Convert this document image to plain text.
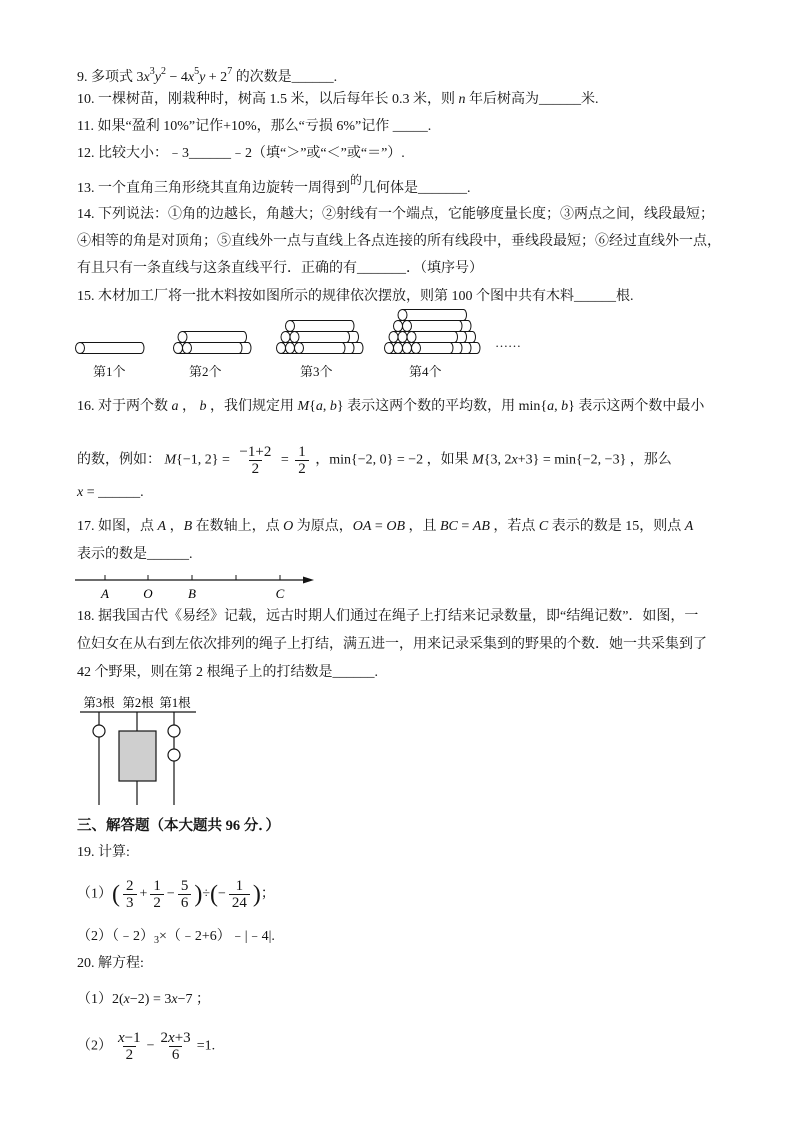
9. 多项式 $3x^3y^2 - 4x^5y + 2^7$ 的次数是______.
10. 一棵树苗，刚栽种时，树高 1.5 米，以后每年长 0.3 米，则 n 年后树高为______米.
11. 如果“盈利 10%”记作+10%，那么“亏损 6%”记作 _____.
12. 比较大小：﹣3______﹣2（填“＞”或“＜”或“＝”）.
13. 一个直角三角形绕其直角边旋转一周得到的几何体是_______.
14. 下列说法：①角的边越长，角越大；②射线有一个端点，它能够度量长度；③两点之间，线段最短；
④相等的角是对顶角；⑤直线外一点与直线上各点连接的所有线段中，垂线段最短；⑥经过直线外一点，
有且只有一条直线与这条直线平行．正确的有_______．（填序号）
15. 木材加工厂将一批木料按如图所示的规律依次摆放，则第 100 个图中共有木料______根.
第1个	第2个	第3个	第4个
……
16. 对于两个数 a ， b ，我们规定用 M{a, b} 表示这两个数的平均数，用 min{a, b} 表示这两个数中最小
的数，例如： M{−1, $2\} = \frac{-1+2}{2} = \frac{1}{2}$ ，min{−2, 0} = −2 ，如果 M{3, 2x+3} = min{−2, −3} ，那么
x = ______.
17. 如图，点 A ，B 在数轴上，点 O 为原点，OA = OB ，且 BC = AB ，若点 C 表示的数是 15，则点 A
表示的数是______.
A	O	B	C
18. 据我国古代《易经》记载，远古时期人们通过在绳子上打结来记录数量，即“结绳记数”．如图，一
位妇女在从右到左依次排列的绳子上打结，满五进一，用来记录采集到的野果的个数．她一共采集到了
42 个野果，则在第 2 根绳子上的打结数是______.
第3根 第2根 第1根
三、解答题（本大题共 96 分．）
19. 计算:
$(1)( \frac{2}{3} + \frac{1}{2} - \frac{5}{6}$ )÷(− $\frac{1}{24}$ )；
$(2)(﹣2)_3\times(﹣2+6)﹣|﹣4|$.
20. 解方程:
（1）2(x−2) = 3x−7 ；
$(2) \frac{x-1}{2} - \frac{2x+3}{6} =1$.
